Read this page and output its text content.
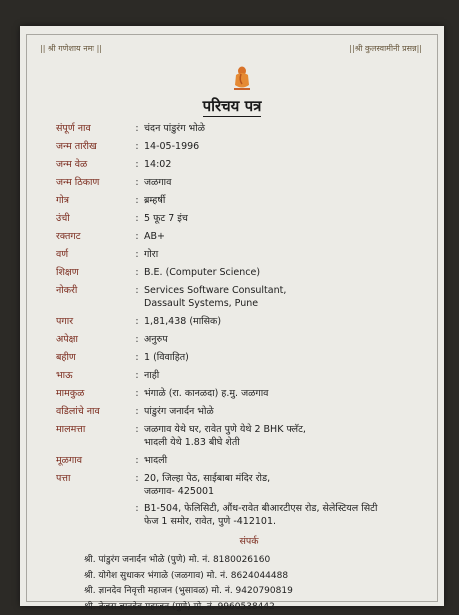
|| श्री गणेशाय नमः ||	||श्री कुलस्वामीनी प्रसन्न||
परिचय पत्र
संपूर्ण नाव	: चंदन पांडुरंग भोळे
जन्म तारीख	: 14-05-1996
जन्म वेळ	: 14:02
जन्म ठिकाण	: जळगाव
गोत्र	: ब्रम्हर्षी
उंची	: 5 फूट 7 इंच
रक्तगट	: AB+
वर्ण	: गोरा
शिक्षण	: B.E. (Computer Science)
नोकरी	: Services Software Consultant,
Dassault Systems, Pune
पगार	: 1,81,438 (मासिक)
अपेक्षा	: अनुरुप
बहीण	: 1 (विवाहित)
भाऊ	: नाही
मामकुळ	: भंगाळे (रा. कानळदा) ह.मु. जळगाव
वडिलांचे नाव	: पांडुरंग जनार्दन भोळे
मालमत्ता	: जळगाव येथे घर, रावेत पुणे येथे 2 BHK फ्लॅट,
भादली येथे 1.83 बीघे शेती
मूळगाव	: भादली
पत्ता	: 20, जिल्हा पेठ, साईबाबा मंदिर रोड,
जळगाव- 425001
: B1-504, फेलिसिटी, औंध-रावेत बीआरटीएस रोड, सेलेस्टियल सिटी
फेज 1 समोर, रावेत, पुणे -412101.
संपर्क
श्री. पांडुरंग जनार्दन भोळे (पुणे) मो. नं. 8180026160
श्री. योगेश सुधाकर भंगाळे (जळगाव) मो. नं. 8624044488
श्री. ज्ञानदेव निवृत्ती महाजन (भुसावळ) मो. नं. 9420790819
श्री. तेजस ज्ञानदेव महाजन (पुणे) मो. नं. 9960538442
